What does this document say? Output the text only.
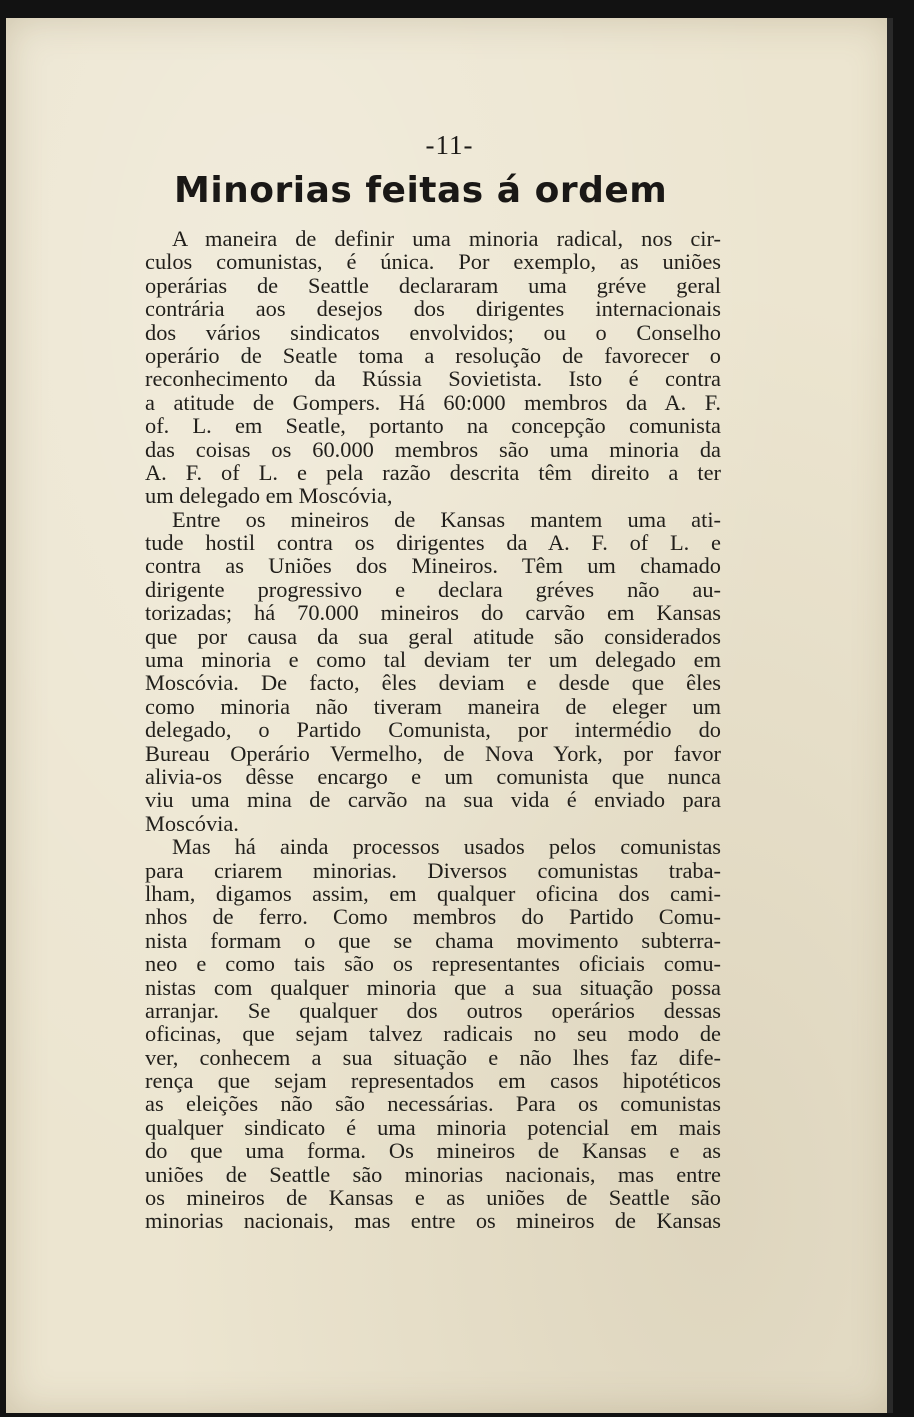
-11-
Minorias feitas á ordem
A maneira de definir uma minoria radical, nos cir-
culos comunistas, é única. Por exemplo, as uniões
operárias de Seattle declararam uma gréve geral
contrária aos desejos dos dirigentes internacionais
dos vários sindicatos envolvidos; ou o Conselho
operário de Seatle toma a resolução de favorecer o
reconhecimento da Rússia Sovietista. Isto é contra
a atitude de Gompers. Há 60:000 membros da A. F.
of. L. em Seatle, portanto na concepção comunista
das coisas os 60.000 membros são uma minoria da
A. F. of L. e pela razão descrita têm direito a ter
um delegado em Moscóvia,
Entre os mineiros de Kansas mantem uma ati-
tude hostil contra os dirigentes da A. F. of L. e
contra as Uniões dos Mineiros. Têm um chamado
dirigente progressivo e declara gréves não au-
torizadas; há 70.000 mineiros do carvão em Kansas
que por causa da sua geral atitude são considerados
uma minoria e como tal deviam ter um delegado em
Moscóvia. De facto, êles deviam e desde que êles
como minoria não tiveram maneira de eleger um
delegado, o Partido Comunista, por intermédio do
Bureau Operário Vermelho, de Nova York, por favor
alivia-os dêsse encargo e um comunista que nunca
viu uma mina de carvão na sua vida é enviado para
Moscóvia.
Mas há ainda processos usados pelos comunistas
para criarem minorias. Diversos comunistas traba-
lham, digamos assim, em qualquer oficina dos cami-
nhos de ferro. Como membros do Partido Comu-
nista formam o que se chama movimento subterra-
neo e como tais são os representantes oficiais comu-
nistas com qualquer minoria que a sua situação possa
arranjar. Se qualquer dos outros operários dessas
oficinas, que sejam talvez radicais no seu modo de
ver, conhecem a sua situação e não lhes faz dife-
rença que sejam representados em casos hipotéticos
as eleições não são necessárias. Para os comunistas
qualquer sindicato é uma minoria potencial em mais
do que uma forma. Os mineiros de Kansas e as
uniões de Seattle são minorias nacionais, mas entre
os mineiros de Kansas e as uniões de Seattle são
minorias nacionais, mas entre os mineiros de Kansas
